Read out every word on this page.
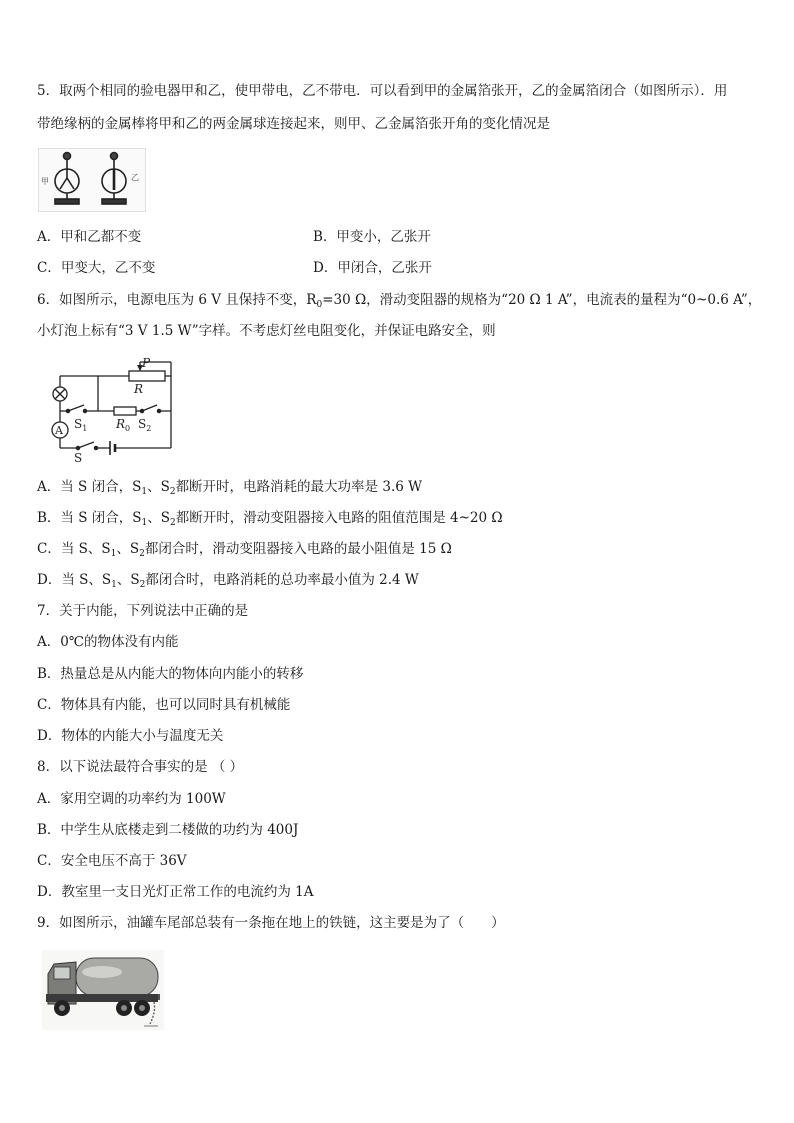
5．取两个相同的验电器甲和乙，使甲带电，乙不带电．可以看到甲的金属箔张开，乙的金属箔闭合（如图所示）．用
带绝缘柄的金属棒将甲和乙的两金属球连接起来，则甲、乙金属箔张开角的变化情况是
甲	乙
A．甲和乙都不变	B．甲变小，乙张开
C．甲变大，乙不变	D．甲闭合，乙张开
6．如图所示，电源电压为 6 V 且保持不变，$R_0=30$ Ω，滑动变阻器的规格为“20 Ω 1 A”，电流表的量程为“0~0.6 A”，
小灯泡上标有“3 V 1.5 W”字样。不考虑灯丝电阻变化，并保证电路安全，则
P
R
$R_0$ $S_2$
$S_1$
S
A
A．当 S 闭合，$S_1$、$S_2$都断开时，电路消耗的最大功率是 3.6 W
B．当 S 闭合，$S_1$、$S_2$都断开时，滑动变阻器接入电路的阻值范围是 4~20 Ω
C．当 S、$S_1$、$S_2$都闭合时，滑动变阻器接入电路的最小阻值是 15 Ω
D．当 S、$S_1$、$S_2$都闭合时，电路消耗的总功率最小值为 2.4 W
7．关于内能，下列说法中正确的是
A．0℃的物体没有内能
B．热量总是从内能大的物体向内能小的转移
C．物体具有内能，也可以同时具有机械能
D．物体的内能大小与温度无关
8．以下说法最符合事实的是 （ ）
A．家用空调的功率约为 100W
B．中学生从底楼走到二楼做的功约为 400J
C．安全电压不高于 36V
D．教室里一支日光灯正常工作的电流约为 1A
9．如图所示，油罐车尾部总装有一条拖在地上的铁链，这主要是为了（　　）
